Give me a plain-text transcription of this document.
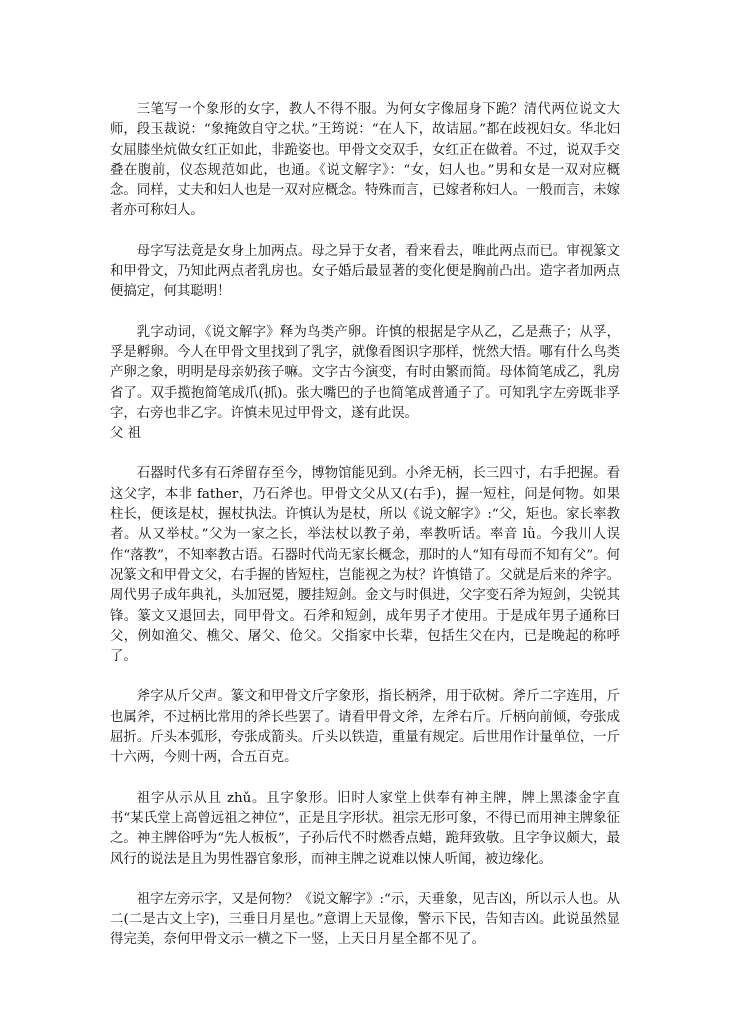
三笔写一个象形的女字，教人不得不服。为何女字像屈身下跪？清代两位说文大师，段玉裁说：“象掩敛自守之状。”王筠说：“在人下，故诘屈。”都在歧视妇女。华北妇女屈膝坐炕做女红正如此，非跪姿也。甲骨文交双手，女红正在做着。不过，说双手交叠在腹前，仪态规范如此，也通。《说文解字》：“女，妇人也。”男和女是一双对应概念。同样，丈夫和妇人也是一双对应概念。特殊而言，已嫁者称妇人。一般而言，未嫁者亦可称妇人。

母字写法竟是女身上加两点。母之异于女者，看来看去，唯此两点而已。审视篆文和甲骨文，乃知此两点者乳房也。女子婚后最显著的变化便是胸前凸出。造字者加两点便搞定，何其聪明！

乳字动词，《说文解字》释为鸟类产卵。许慎的根据是字从乙，乙是燕子；从孚，孚是孵卵。今人在甲骨文里找到了乳字，就像看图识字那样，恍然大悟。哪有什么鸟类产卵之象，明明是母亲奶孩子嘛。文字古今演变，有时由繁而简。母体简笔成乙，乳房省了。双手揽抱简笔成爪(抓)。张大嘴巴的子也简笔成普通子了。可知乳字左旁既非孚字，右旁也非乙字。许慎未见过甲骨文，遂有此误。

父 祖

石器时代多有石斧留存至今，博物馆能见到。小斧无柄，长三四寸，右手把握。看这父字，本非 father，乃石斧也。甲骨文父从又(右手)，握一短柱，问是何物。如果柱长，便该是杖，握杖执法。许慎认为是杖，所以《说文解字》:“父，矩也。家长率教者。从又举杖。”父为一家之长，举法杖以教子弟，率教听话。率音 lǜ。今我川人误作“落教”，不知率教古语。石器时代尚无家长概念，那时的人“知有母而不知有父”。何况篆文和甲骨文父，右手握的皆短柱，岂能视之为杖？许慎错了。父就是后来的斧字。周代男子成年典礼，头加冠冕，腰挂短剑。金文与时俱进，父字变石斧为短剑，尖锐其锋。篆文又退回去，同甲骨文。石斧和短剑，成年男子才使用。于是成年男子通称曰父，例如渔父、樵父、屠父、伧父。父指家中长辈，包括生父在内，已是晚起的称呼了。

斧字从斤父声。篆文和甲骨文斤字象形，指长柄斧，用于砍树。斧斤二字连用，斤也属斧，不过柄比常用的斧长些罢了。请看甲骨文斧，左斧右斤。斤柄向前倾，夸张成屈折。斤头本弧形，夸张成箭头。斤头以铁造，重量有规定。后世用作计量单位，一斤十六两，今则十两，合五百克。

祖字从示从且 zhǔ。且字象形。旧时人家堂上供奉有神主牌，牌上黑漆金字直书“某氏堂上高曾远祖之神位”，正是且字形状。祖宗无形可象，不得已而用神主牌象征之。神主牌俗呼为“先人板板”，子孙后代不时燃香点蜡，跪拜致敬。且字争议颇大，最风行的说法是且为男性器官象形，而神主牌之说难以悚人听闻，被边缘化。

祖字左旁示字，又是何物？《说文解字》:“示，天垂象，见吉凶，所以示人也。从二(二是古文上字)，三垂日月星也。”意谓上天显像，警示下民，告知吉凶。此说虽然显得完美，奈何甲骨文示一横之下一竖，上天日月星全都不见了。
